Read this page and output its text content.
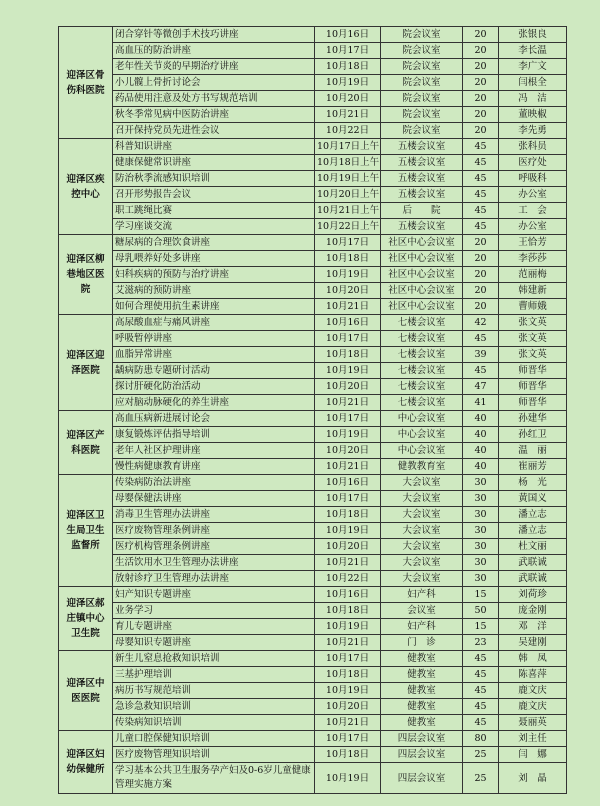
迎泽区骨伤科医院	闭合穿针等微创手术技巧讲座	10月16日	院会议室	20	张银良
	高血压的防治讲座	10月17日	院会议室	20	李长温
	老年性关节炎的早期治疗讲座	10月18日	院会议室	20	李广文
	小儿髋上骨折讨论会	10月19日	院会议室	20	闫根全
	药品使用注意及处方书写规范培训	10月20日	院会议室	20	冯　洁
	秋冬季常见病中医防治讲座	10月21日	院会议室	20	董映椒
	召开保持党员先进性会议	10月22日	院会议室	20	李先勇
迎泽区疾控中心	科普知识讲座	10月17日上午	五楼会议室	45	张科员
	健康保健常识讲座	10月18日上午	五楼会议室	45	医疗处
	防治秋季流感知识培训	10月19日上午	五楼会议室	45	呼吸科
	召开形势报告会议	10月20日上午	五楼会议室	45	办公室
	职工跳绳比赛	10月21日上午	后　　院	45	工　会
	学习座谈交流	10月22日上午	五楼会议室	45	办公室
迎泽区柳巷地区医院	糖尿病的合理饮食讲座	10月17日	社区中心会议室	20	王恰芳
	母乳喂养好处多讲座	10月18日	社区中心会议室	20	李莎莎
	妇科疾病的预防与治疗讲座	10月19日	社区中心会议室	20	范丽梅
	艾滋病的预防讲座	10月20日	社区中心会议室	20	韩建新
	如何合理使用抗生素讲座	10月21日	社区中心会议室	20	曹师娥
迎泽区迎泽医院	高尿酸血症与痛风讲座	10月16日	七楼会议室	42	张文英
	呼吸暂停讲座	10月17日	七楼会议室	45	张文英
	血脂异常讲座	10月18日	七楼会议室	39	张文英
	龋病防患专题研讨活动	10月19日	七楼会议室	45	师晋华
	探讨肝硬化防治活动	10月20日	七楼会议室	47	师晋华
	应对脑动脉硬化的养生讲座	10月21日	七楼会议室	41	师晋华
迎泽区产科医院	高血压病新进展讨论会	10月17日	中心会议室	40	孙建华
	康复锻炼评估指导培训	10月19日	中心会议室	40	孙红卫
	老年人社区护理讲座	10月20日	中心会议室	40	温　丽
	慢性病健康教育讲座	10月21日	健教教育室	40	崔丽芳
迎泽区卫生局卫生监督所	传染病防治法讲座	10月16日	大会议室	30	杨　光
	母婴保健法讲座	10月17日	大会议室	30	黄国义
	消毒卫生管理办法讲座	10月18日	大会议室	30	潘立志
	医疗废物管理条例讲座	10月19日	大会议室	30	潘立志
	医疗机构管理条例讲座	10月20日	大会议室	30	杜文丽
	生活饮用水卫生管理办法讲座	10月21日	大会议室	30	武联诚
	放射诊疗卫生管理办法讲座	10月22日	大会议室	30	武联诚
迎泽区郝庄镇中心卫生院	妇产知识专题讲座	10月16日	妇产科	15	刘荷珍
	业务学习	10月18日	会议室	50	庞金刚
	育儿专题讲座	10月19日	妇产科	15	邓　洋
	母婴知识专题讲座	10月21日	门　诊	23	吴建刚
迎泽区中医医院	新生儿窒息抢救知识培训	10月17日	健教室	45	韩　凤
	三基护理培训	10月18日	健教室	45	陈喜萍
	病历书写规范培训	10月19日	健教室	45	鹿文庆
	急诊急救知识培训	10月20日	健教室	45	鹿文庆
	传染病知识培训	10月21日	健教室	45	聂丽英
迎泽区妇幼保健所	儿童口腔保健知识培训	10月17日	四层会议室	80	刘主任
	医疗废物管理知识培训	10月18日	四层会议室	25	闫　娜
	学习基本公共卫生服务孕产妇及0-6岁儿童健康管理实施方案	10月19日	四层会议室	25	刘　晶
